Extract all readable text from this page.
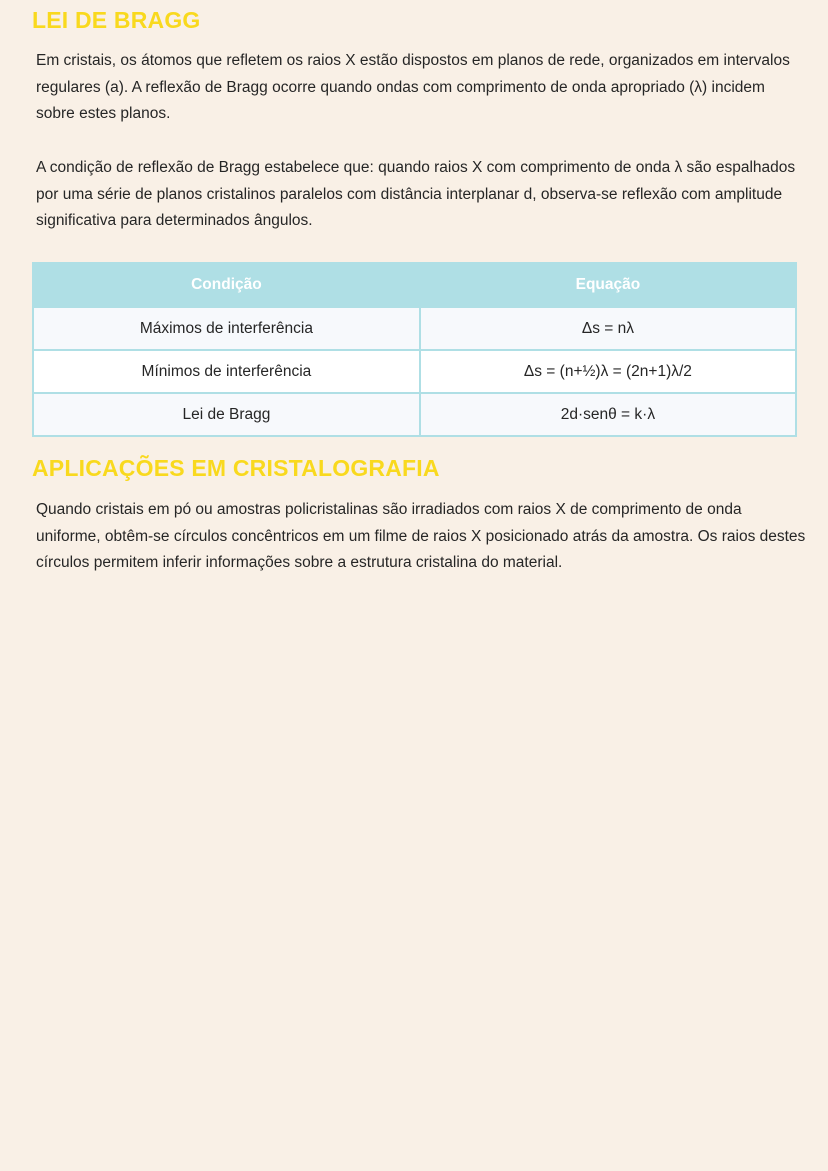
LEI DE BRAGG

Em cristais, os átomos que refletem os raios X estão dispostos em planos de rede, organizados em intervalos regulares (a). A reflexão de Bragg ocorre quando ondas com comprimento de onda apropriado (λ) incidem sobre estes planos.

A condição de reflexão de Bragg estabelece que: quando raios X com comprimento de onda λ são espalhados por uma série de planos cristalinos paralelos com distância interplanar d, observa-se reflexão com amplitude significativa para determinados ângulos.

Condição	Equação
Máximos de interferência	Δs = nλ
Mínimos de interferência	Δs = (n+½)λ = (2n+1)λ/2
Lei de Bragg	2d·senθ = k·λ
APLICAÇÕES EM CRISTALOGRAFIA

Quando cristais em pó ou amostras policristalinas são irradiados com raios X de comprimento de onda uniforme, obtêm-se círculos concêntricos em um filme de raios X posicionado atrás da amostra. Os raios destes círculos permitem inferir informações sobre a estrutura cristalina do material.
